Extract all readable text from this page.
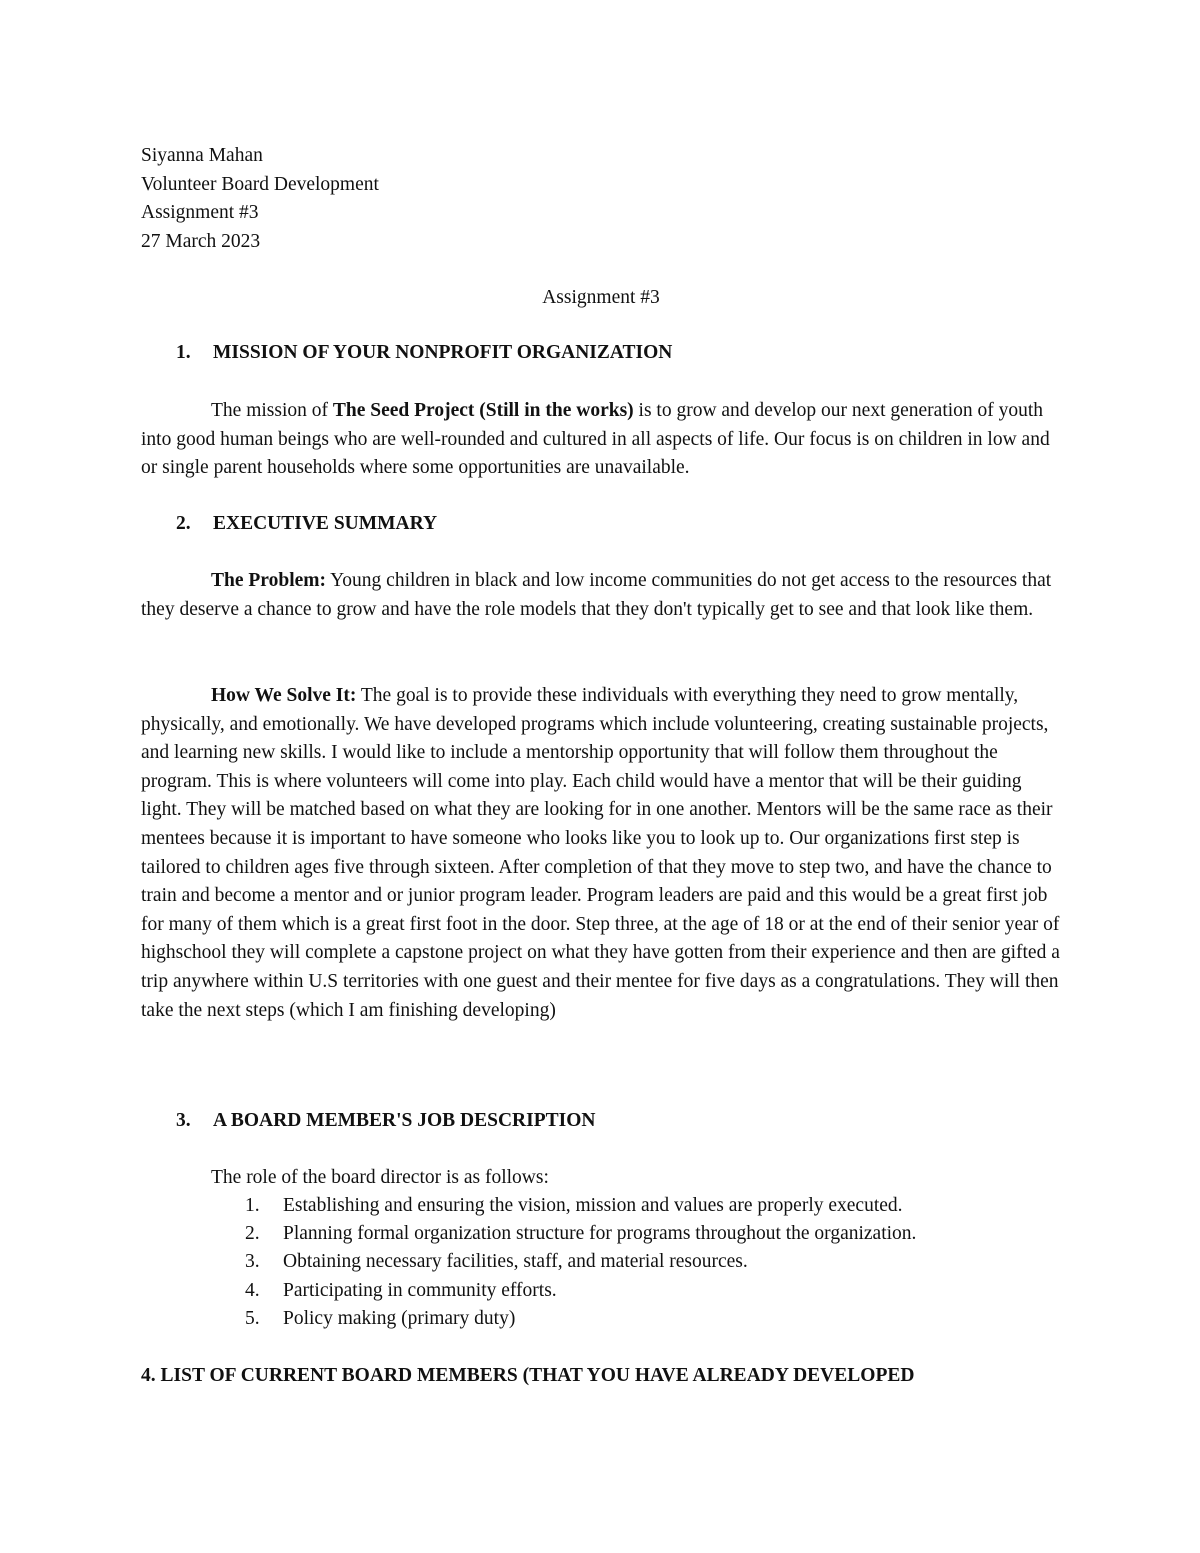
Siyanna Mahan
Volunteer Board Development
Assignment #3
27 March 2023
Assignment #3
1. MISSION OF YOUR NONPROFIT ORGANIZATION
The mission of The Seed Project (Still in the works) is to grow and develop our next generation of youth into good human beings who are well-rounded and cultured in all aspects of life. Our focus is on children in low and or single parent households where some opportunities are unavailable.
2. EXECUTIVE SUMMARY
The Problem: Young children in black and low income communities do not get access to the resources that they deserve a chance to grow and have the role models that they don't typically get to see and that look like them.
How We Solve It: The goal is to provide these individuals with everything they need to grow mentally, physically, and emotionally. We have developed programs which include volunteering, creating sustainable projects, and learning new skills. I would like to include a mentorship opportunity that will follow them throughout the program. This is where volunteers will come into play. Each child would have a mentor that will be their guiding light. They will be matched based on what they are looking for in one another. Mentors will be the same race as their mentees because it is important to have someone who looks like you to look up to. Our organizations first step is tailored to children ages five through sixteen. After completion of that they move to step two, and have the chance to train and become a mentor and or junior program leader. Program leaders are paid and this would be a great first job for many of them which is a great first foot in the door. Step three, at the age of 18 or at the end of their senior year of highschool they will complete a capstone project on what they have gotten from their experience and then are gifted a trip anywhere within U.S territories with one guest and their mentee for five days as a congratulations. They will then take the next steps (which I am finishing developing)
3. A BOARD MEMBER'S JOB DESCRIPTION
The role of the board director is as follows:
1. Establishing and ensuring the vision, mission and values are properly executed.
2. Planning formal organization structure for programs throughout the organization.
3. Obtaining necessary facilities, staff, and material resources.
4. Participating in community efforts.
5. Policy making (primary duty)
4. LIST OF CURRENT BOARD MEMBERS (THAT YOU HAVE ALREADY DEVELOPED
